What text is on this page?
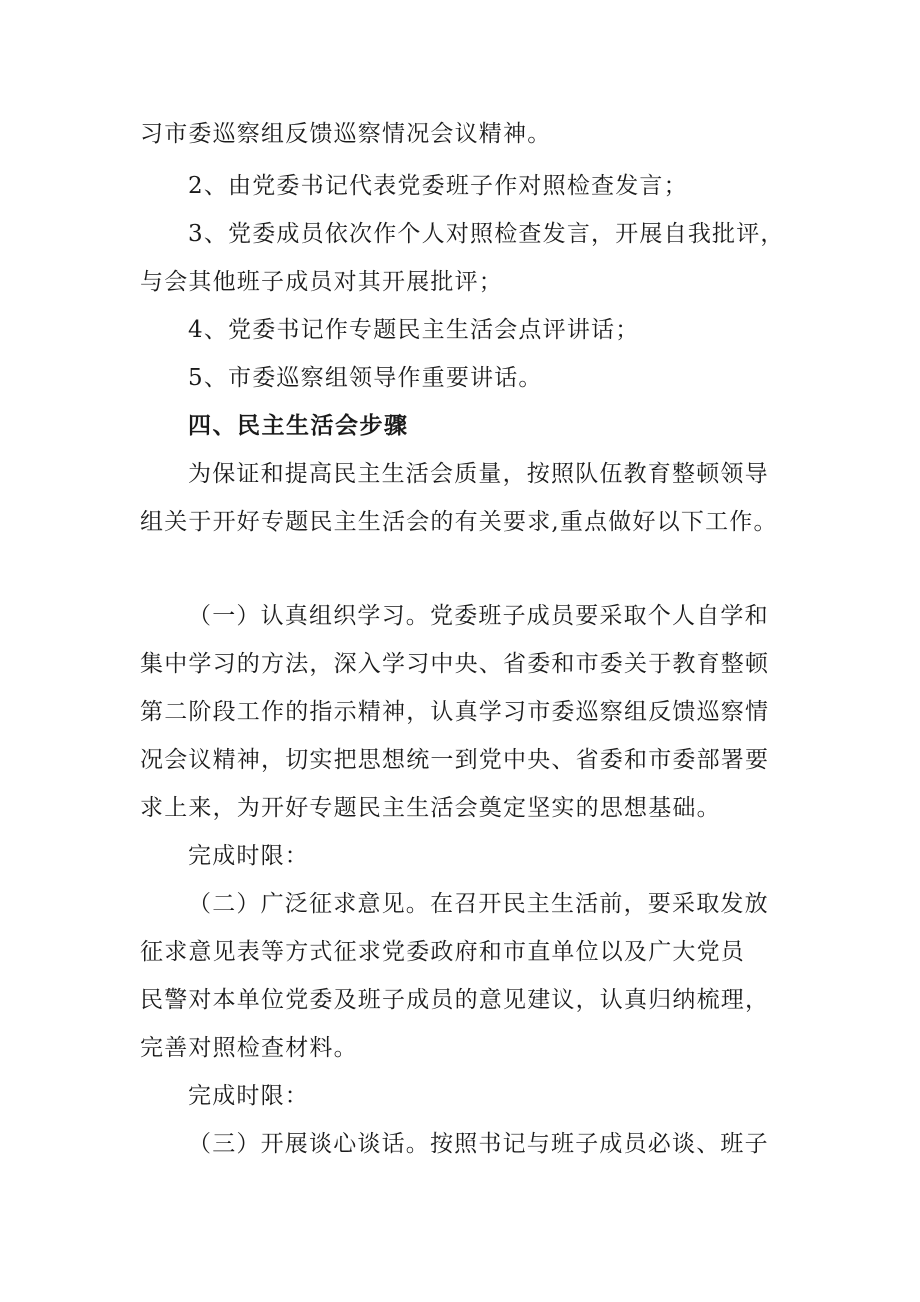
习市委巡察组反馈巡察情况会议精神。
2、由党委书记代表党委班子作对照检查发言；
3、党委成员依次作个人对照检查发言，开展自我批评，
与会其他班子成员对其开展批评；
4、党委书记作专题民主生活会点评讲话；
5、市委巡察组领导作重要讲话。
四、民主生活会步骤
为保证和提高民主生活会质量，按照队伍教育整顿领导
组关于开好专题民主生活会的有关要求,重点做好以下工作。
（一）认真组织学习。党委班子成员要采取个人自学和
集中学习的方法，深入学习中央、省委和市委关于教育整顿
第二阶段工作的指示精神，认真学习市委巡察组反馈巡察情
况会议精神，切实把思想统一到党中央、省委和市委部署要
求上来，为开好专题民主生活会奠定坚实的思想基础。
完成时限：
（二）广泛征求意见。在召开民主生活前，要采取发放
征求意见表等方式征求党委政府和市直单位以及广大党员
民警对本单位党委及班子成员的意见建议，认真归纳梳理，
完善对照检查材料。
完成时限：
（三）开展谈心谈话。按照书记与班子成员必谈、班子
